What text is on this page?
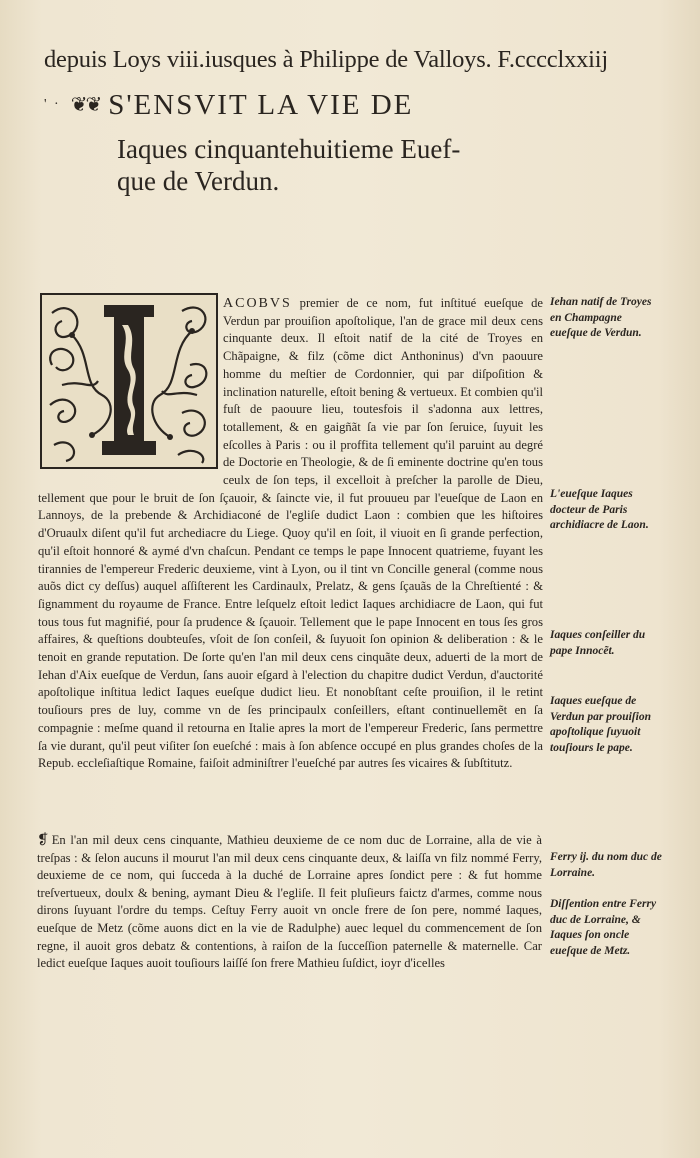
depuis Loys viii.iusques à Philippe de Valloys. F.cccclxxiij
' · ❦❦ S'ENSVIT LA VIE DE
Iaques cinquantehuitieme Euef-
que de Verdun.
ACOBVS premier de ce nom, fut inſtitué eueſque de Verdun par prouiſion apoſtolique, l'an de grace mil deux cens cinquante deux. Il eſtoit natif de la cité de Troyes en Chãpaigne, & filz (cõme dict Anthoninus) d'vn paouure homme du meſtier de Cordonnier, qui par diſpoſition & inclination naturelle, eſtoit bening & vertueux. Et combien qu'il fuſt de paouure lieu, toutesfois il s'adonna aux lettres, totallement, & en gaigñãt ſa vie par ſon ſeruice, ſuyuit les eſcolles à Paris : ou il proffita tellement qu'il paruint au degré de Doctorie en Theologie, & de ſi eminente doctrine qu'en tous ceulx de ſon teps, il excelloit à preſcher la parolle de Dieu, tellement que pour le bruit de ſon ſçauoir, & ſaincte vie, il fut prouueu par l'eueſque de Laon en Lannoys, de la prebende & Archidiaconé de l'egliſe dudict Laon : combien que les hiſtoires d'Oruaulx diſent qu'il fut archediacre du Liege. Quoy qu'il en ſoit, il viuoit en ſi grande perfection, qu'il eſtoit honnoré & aymé d'vn chaſcun. Pendant ce temps le pape Innocent quatrieme, fuyant les tirannies de l'empereur Frederic deuxieme, vint à Lyon, ou il tint vn Concille general (comme nous auõs dict cy deſſus) auquel aſſiſterent les Cardinaulx, Prelatz, & gens ſçauãs de la Chreſtienté : & ſignamment du royaume de France. Entre leſquelz eſtoit ledict Iaques archidiacre de Laon, qui fut tous tous fut magnifié, pour ſa prudence & ſçauoir. Tellement que le pape Innocent en tous ſes gros affaires, & queſtions doubteuſes, vſoit de ſon conſeil, & ſuyuoit ſon opinion & deliberation : & le tenoit en grande reputation. De ſorte qu'en l'an mil deux cens cinquãte deux, aduerti de la mort de Iehan d'Aix eueſque de Verdun, ſans auoir eſgard à l'election du chapitre dudict Verdun, d'auctorité apoſtolique inſtitua ledict Iaques eueſque dudict lieu. Et nonobſtant ceſte prouiſion, il le retint touſiours pres de luy, comme vn de ſes principaulx conſeillers, eſtant continuellemẽt en ſa compagnie : meſme quand il retourna en Italie apres la mort de l'empereur Frederic, ſans permettre ſa vie durant, qu'il peut viſiter ſon eueſché : mais à ſon abſence occupé en plus grandes choſes de la Repub. eccleſiaſtique Romaine, faiſoit adminiſtrer l'eueſché par autres ſes vicaires & ſubſtitutz.
❡ En l'an mil deux cens cinquante, Mathieu deuxieme de ce nom duc de Lorraine, alla de vie à treſpas : & ſelon aucuns il mourut l'an mil deux cens cinquante deux, & laiſſa vn filz nommé Ferry, deuxieme de ce nom, qui ſucceda à la duché de Lorraine apres ſondict pere : & fut homme treſvertueux, doulx & bening, aymant Dieu & l'egliſe. Il feit pluſieurs faictz d'armes, comme nous dirons ſuyuant l'ordre du temps. Ceſtuy Ferry auoit vn oncle frere de ſon pere, nommé Iaques, eueſque de Metz (cõme auons dict en la vie de Radulphe) auec lequel du commencement de ſon regne, il auoit gros debatz & contentions, à raiſon de la ſucceſſion paternelle & maternelle. Car ledict eueſque Iaques auoit touſiours laiſſé ſon frere Mathieu ſuſdict, ioyr d'icelles
Iehan natif de Troyes en Champagne eueſque de Verdun.
L'eueſque Iaques docteur de Paris archidiacre de Laon.
Iaques conſeiller du pape Innocẽt.
Iaques eueſque de Verdun par prouiſion apoſtolique ſuyuoit touſiours le pape.
Ferry ij. du nom duc de Lorraine.
Diſſention entre Ferry duc de Lorraine, & Iaques ſon oncle eueſque de Metz.
